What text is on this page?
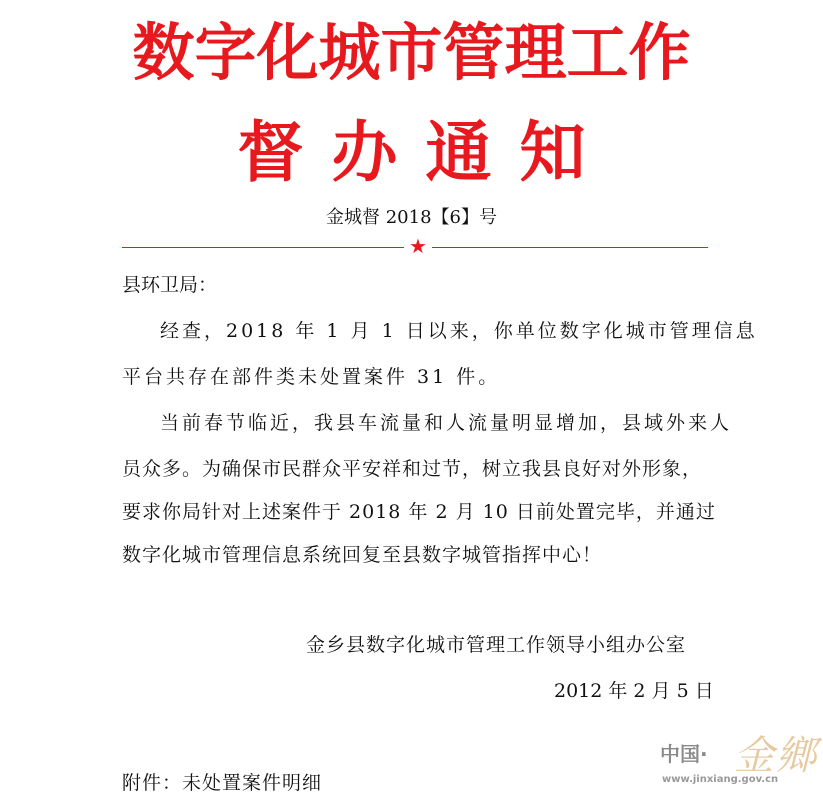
数字化城市管理工作
督办通知
金城督 2018【6】号
★
县环卫局：
经查，2018 年 1 月 1 日以来，你单位数字化城市管理信息
平台共存在部件类未处置案件 31 件。
当前春节临近，我县车流量和人流量明显增加，县域外来人
员众多。为确保市民群众平安祥和过节，树立我县良好对外形象，
要求你局针对上述案件于 2018 年 2 月 10 日前处置完毕，并通过
数字化城市管理信息系统回复至县数字城管指挥中心！
金乡县数字化城市管理工作领导小组办公室
2012 年 2 月 5 日
附件：未处置案件明细
中国· 金鄉
www.jinxiang.gov.cn
